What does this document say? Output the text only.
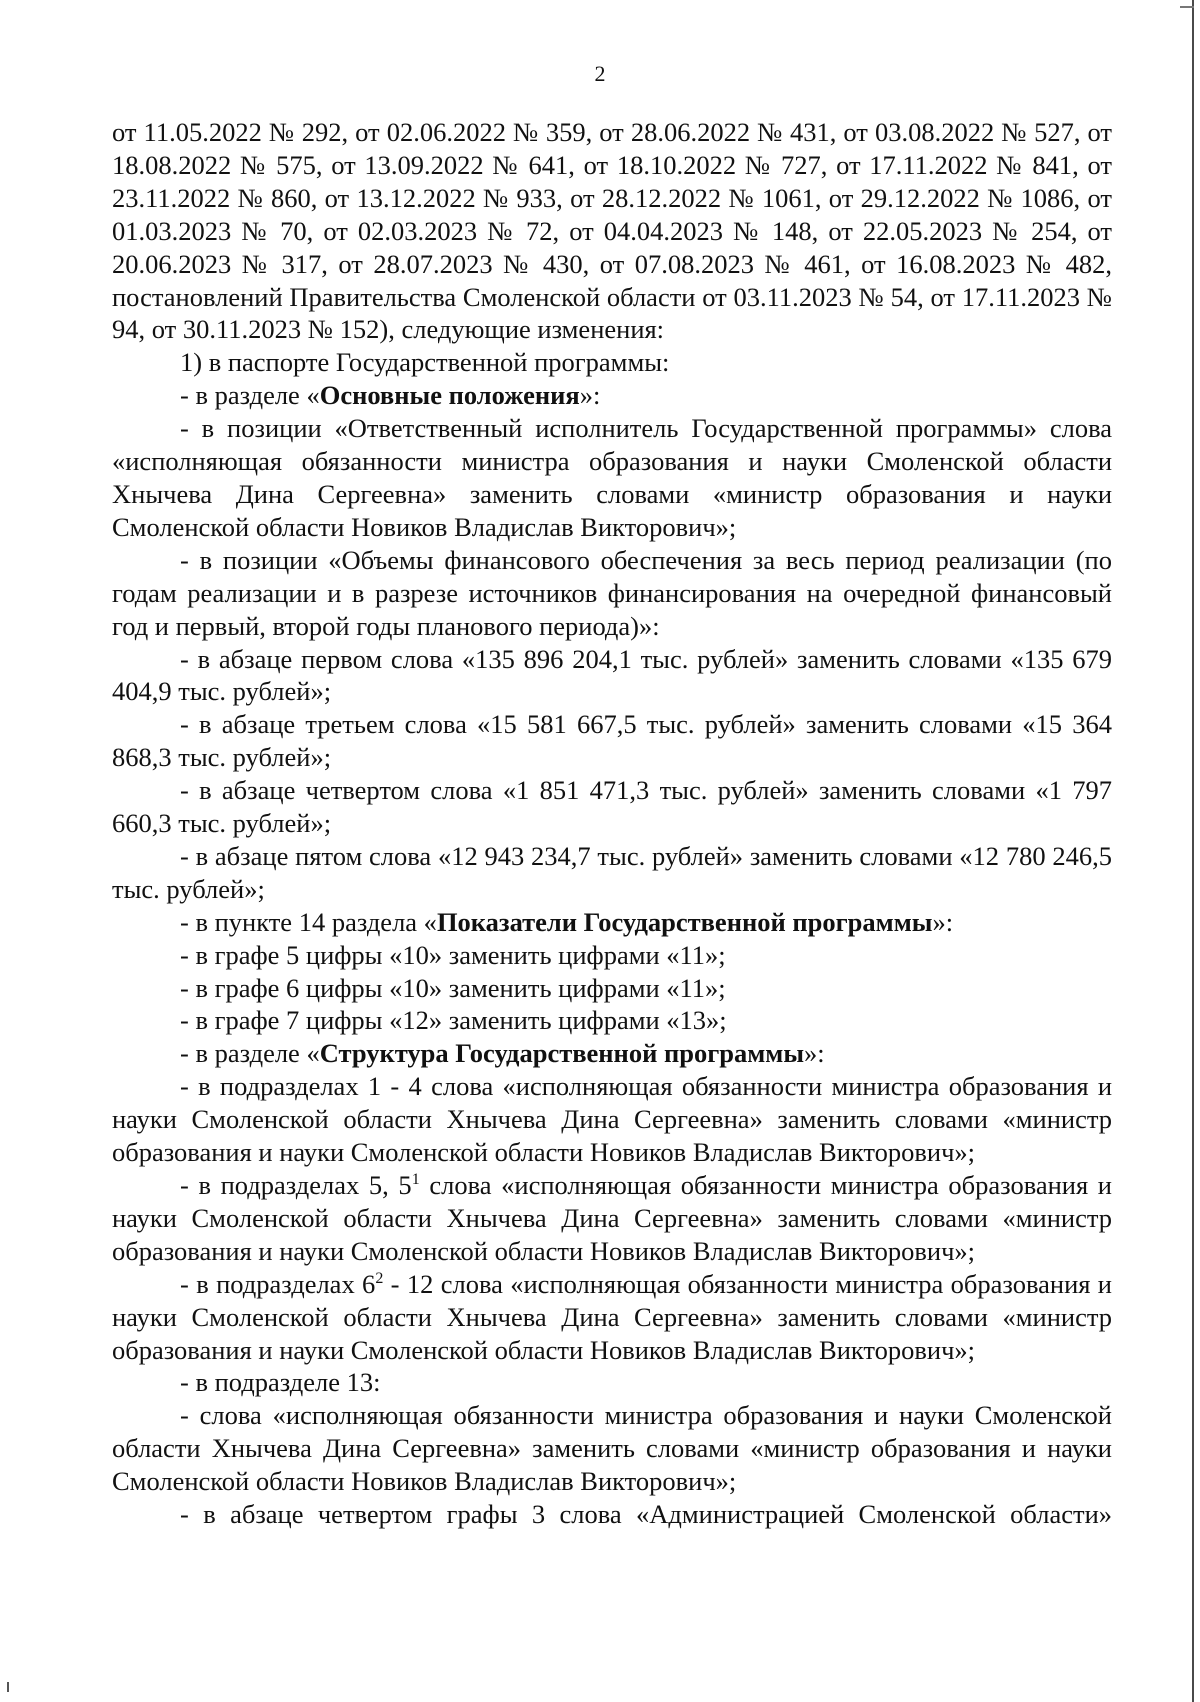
2

от 11.05.2022 № 292, от 02.06.2022 № 359, от 28.06.2022 № 431, от 03.08.2022 № 527, от 18.08.2022 № 575, от 13.09.2022 № 641, от 18.10.2022 № 727, от 17.11.2022 № 841, от 23.11.2022 № 860, от 13.12.2022 № 933, от 28.12.2022 № 1061, от 29.12.2022 № 1086, от 01.03.2023 № 70, от 02.03.2023 № 72, от 04.04.2023 № 148, от 22.05.2023 № 254, от 20.06.2023 № 317, от 28.07.2023 № 430, от 07.08.2023 № 461, от 16.08.2023 № 482, постановлений Правительства Смоленской области от 03.11.2023 № 54, от 17.11.2023 № 94, от 30.11.2023 № 152), следующие изменения:

1) в паспорте Государственной программы:

- в разделе «Основные положения»:

- в позиции «Ответственный исполнитель Государственной программы» слова «исполняющая обязанности министра образования и науки Смоленской области Хнычева Дина Сергеевна» заменить словами «министр образования и науки Смоленской области Новиков Владислав Викторович»;

- в позиции «Объемы финансового обеспечения за весь период реализации (по годам реализации и в разрезе источников финансирования на очередной финансовый год и первый, второй годы планового периода)»:

- в абзаце первом слова «135 896 204,1 тыс. рублей» заменить словами «135 679 404,9 тыс. рублей»;

- в абзаце третьем слова «15 581 667,5 тыс. рублей» заменить словами «15 364 868,3 тыс. рублей»;

- в абзаце четвертом слова «1 851 471,3 тыс. рублей» заменить словами «1 797 660,3 тыс. рублей»;

- в абзаце пятом слова «12 943 234,7 тыс. рублей» заменить словами «12 780 246,5 тыс. рублей»;

- в пункте 14 раздела «Показатели Государственной программы»:

- в графе 5 цифры «10» заменить цифрами «11»;

- в графе 6 цифры «10» заменить цифрами «11»;

- в графе 7 цифры «12» заменить цифрами «13»;

- в разделе «Структура Государственной программы»:

- в подразделах 1 - 4 слова «исполняющая обязанности министра образования и науки Смоленской области Хнычева Дина Сергеевна» заменить словами «министр образования и науки Смоленской области Новиков Владислав Викторович»;

- в подразделах 5, $5^1$ слова «исполняющая обязанности министра образования и науки Смоленской области Хнычева Дина Сергеевна» заменить словами «министр образования и науки Смоленской области Новиков Владислав Викторович»;

- в подразделах $6^2 - 12$ слова «исполняющая обязанности министра образования и науки Смоленской области Хнычева Дина Сергеевна» заменить словами «министр образования и науки Смоленской области Новиков Владислав Викторович»;

- в подразделе 13:

- слова «исполняющая обязанности министра образования и науки Смоленской области Хнычева Дина Сергеевна» заменить словами «министр образования и науки Смоленской области Новиков Владислав Викторович»;

- в абзаце четвертом графы 3 слова «Администрацией Смоленской области»
